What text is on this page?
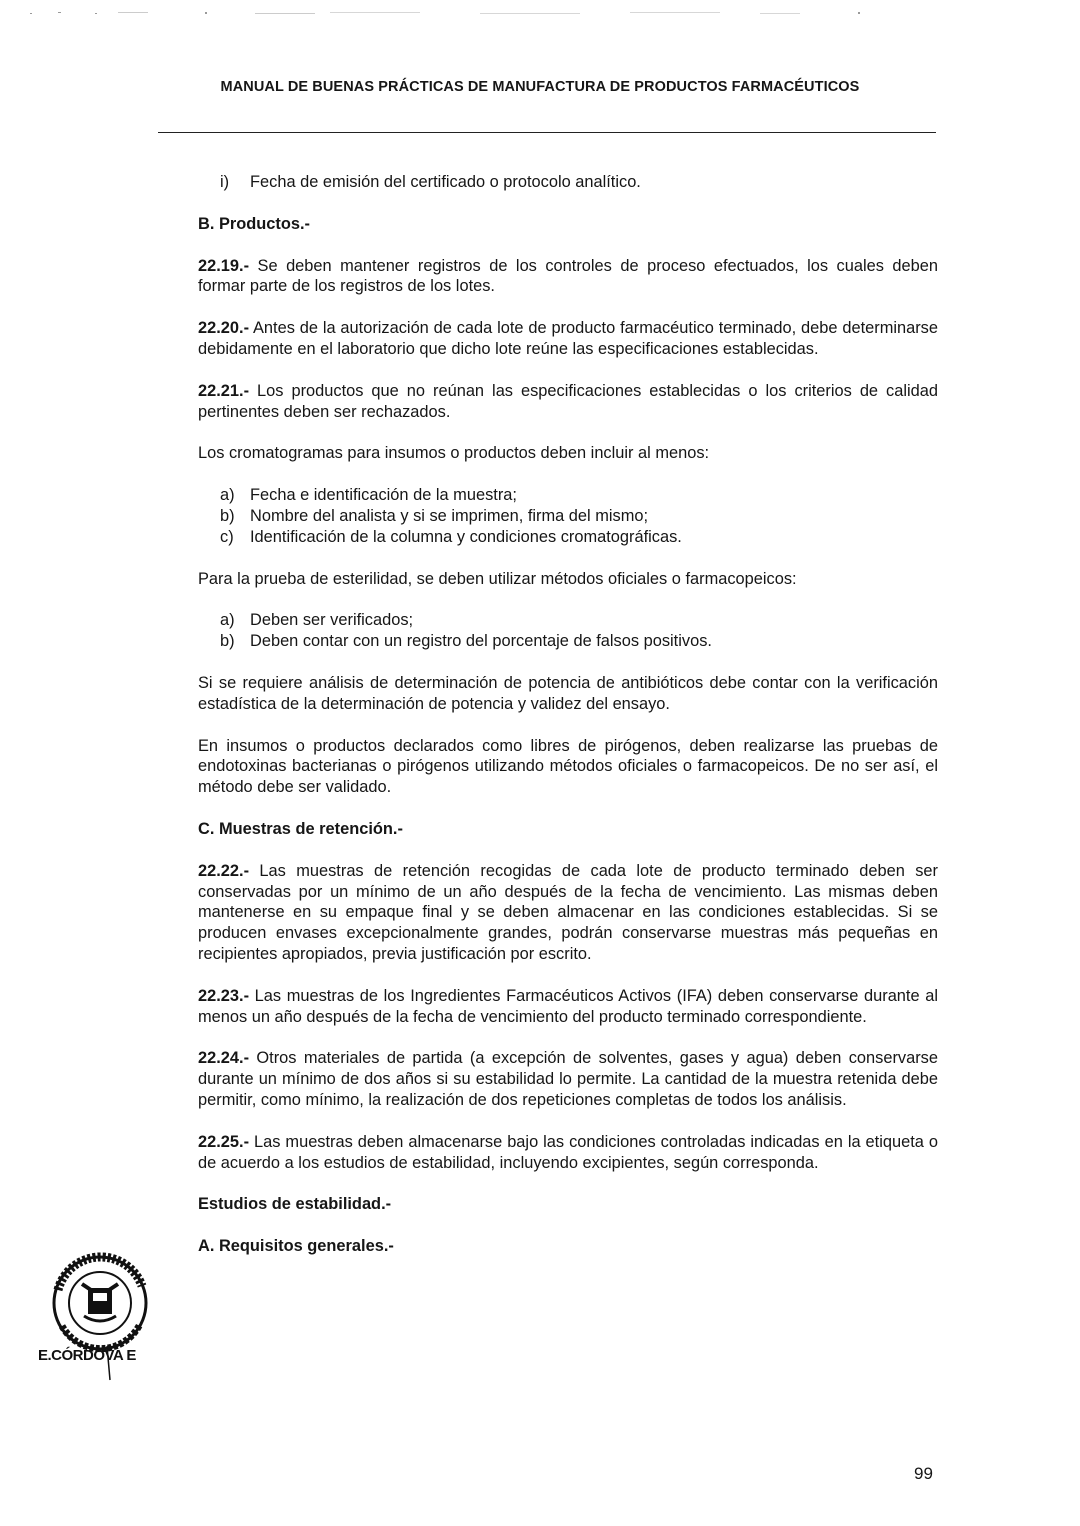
MANUAL DE BUENAS PRÁCTICAS DE MANUFACTURA DE PRODUCTOS FARMACÉUTICOS
i)	Fecha de emisión del certificado o protocolo analítico.
B. Productos.-

22.19.- Se deben mantener registros de los controles de proceso efectuados, los cuales deben formar parte de los registros de los lotes.

22.20.- Antes de la autorización de cada lote de producto farmacéutico terminado, debe determinarse debidamente en el laboratorio que dicho lote reúne las especificaciones establecidas.

22.21.- Los productos que no reúnan las especificaciones establecidas o los criterios de calidad pertinentes deben ser rechazados.

Los cromatogramas para insumos o productos deben incluir al menos:

a) Fecha e identificación de la muestra;
b) Nombre del analista y si se imprimen, firma del mismo;
c) Identificación de la columna y condiciones cromatográficas.

Para la prueba de esterilidad, se deben utilizar métodos oficiales o farmacopeicos:

a) Deben ser verificados;
b) Deben contar con un registro del porcentaje de falsos positivos.

Si se requiere análisis de determinación de potencia de antibióticos debe contar con la verificación estadística de la determinación de potencia y validez del ensayo.

En insumos o productos declarados como libres de pirógenos, deben realizarse las pruebas de endotoxinas bacterianas o pirógenos utilizando métodos oficiales o farmacopeicos. De no ser así, el método debe ser validado.

C. Muestras de retención.-

22.22.- Las muestras de retención recogidas de cada lote de producto terminado deben ser conservadas por un mínimo de un año después de la fecha de vencimiento. Las mismas deben mantenerse en su empaque final y se deben almacenar en las condiciones establecidas. Si se producen envases excepcionalmente grandes, podrán conservarse muestras más pequeñas en recipientes apropiados, previa justificación por escrito.

22.23.- Las muestras de los Ingredientes Farmacéuticos Activos (IFA) deben conservarse durante al menos un año después de la fecha de vencimiento del producto terminado correspondiente.

22.24.- Otros materiales de partida (a excepción de solventes, gases y agua) deben conservarse durante un mínimo de dos años si su estabilidad lo permite. La cantidad de la muestra retenida debe permitir, como mínimo, la realización de dos repeticiones completas de todos los análisis.

22.25.- Las muestras deben almacenarse bajo las condiciones controladas indicadas en la etiqueta o de acuerdo a los estudios de estabilidad, incluyendo excipientes, según corresponda.

Estudios de estabilidad.-
A. Requisitos generales.-
E.CÓRDOVA E
99
